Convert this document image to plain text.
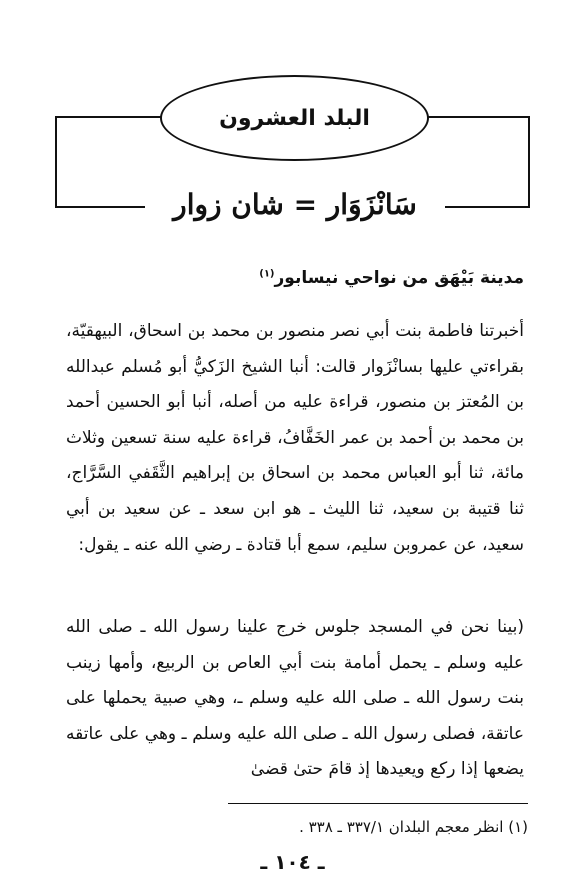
البلد العشرون
سَانْزَوَار = شان زوار
مدينة بَيْهَق من نواحي نيسابور$^{(١)}$
أخبرتنا فاطمة بنت أبي نصر منصور بن محمد بن اسحاق، البيهقيّة، بقراءتي عليها بسانْزَوار قالت: أنبا الشيخ الزَكيُّ أبو مُسلم عبدالله بن المُعتز بن منصور، قراءة عليه من أصله، أنبا أبو الحسين أحمد بن محمد بن أحمد بن عمر الخَفَّافُ، قراءة عليه سنة تسعين وثلاث مائة، ثنا أبو العباس محمد بن اسحاق بن إبراهيم الثَّقَفي السَّرَّاج، ثنا قتيبة بن سعيد، ثنا الليث ـ هو ابن سعد ـ عن سعيد بن أبي سعيد، عن عمروبن سليم، سمع أبا قتادة ـ رضي الله عنه ـ يقول:
(بينا نحن في المسجد جلوس خرج علينا رسول الله ـ صلى الله عليه وسلم ـ يحمل أمامة بنت أبي العاص بن الربيع، وأمها زينب بنت رسول الله ـ صلى الله عليه وسلم ـ، وهي صبية يحملها على عاتقة، فصلى رسول الله ـ صلى الله عليه وسلم ـ وهي على عاتقه يضعها إذا ركع ويعيدها إذ قامَ حتىٰ قضىٰ
(١) انظر معجم البلدان ٣٣٧/١ ـ ٣٣٨ .
ـ ١٠٤ ـ
